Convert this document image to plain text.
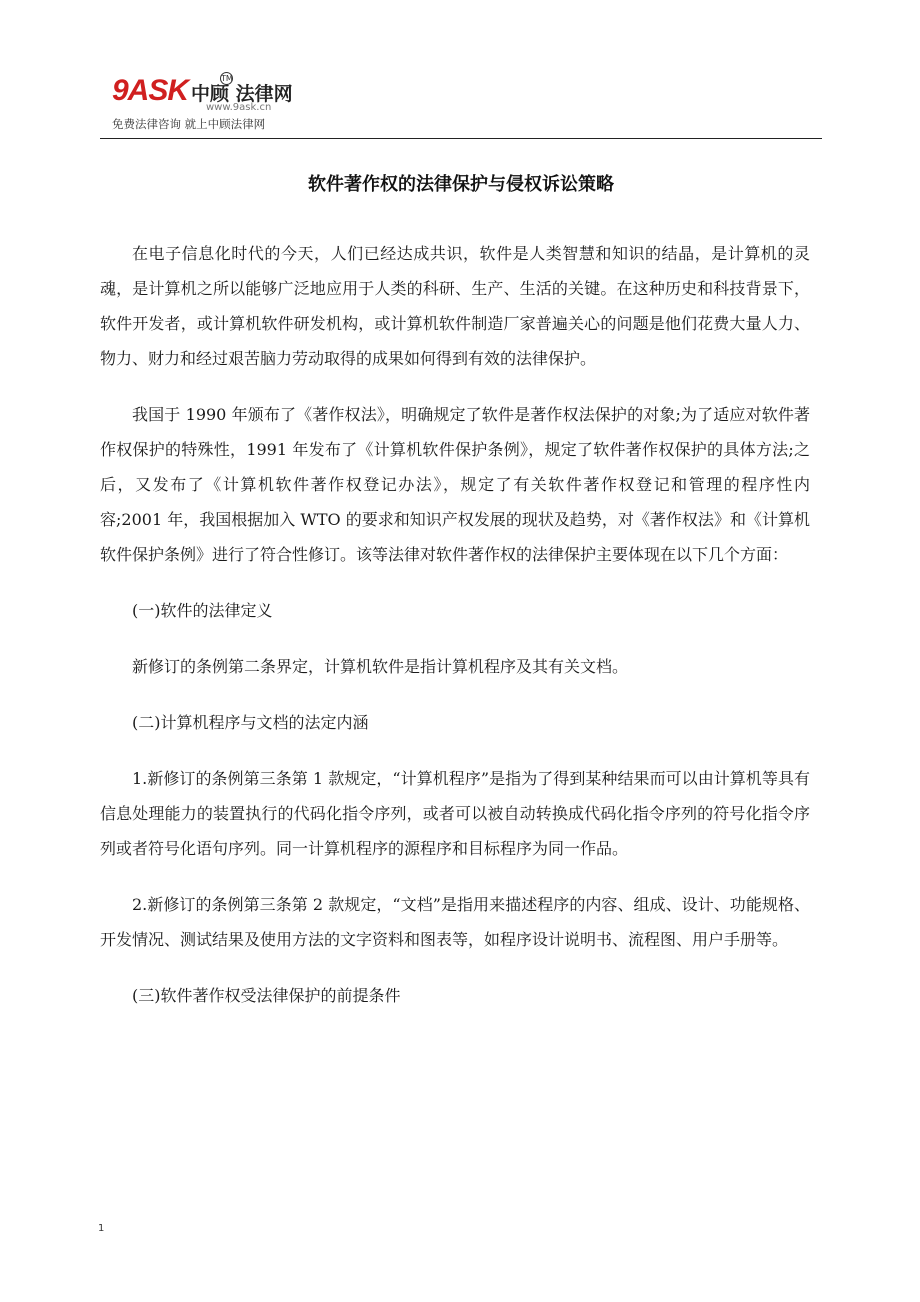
9ASK 中顾 法律网
TM
www.9ask.cn
免费法律咨询 就上中顾法律网
软件著作权的法律保护与侵权诉讼策略

在电子信息化时代的今天，人们已经达成共识，软件是人类智慧和知识的结晶，是计算机的灵魂，是计算机之所以能够广泛地应用于人类的科研、生产、生活的关键。在这种历史和科技背景下，软件开发者，或计算机软件研发机构，或计算机软件制造厂家普遍关心的问题是他们花费大量人力、物力、财力和经过艰苦脑力劳动取得的成果如何得到有效的法律保护。

我国于 1990 年颁布了《著作权法》，明确规定了软件是著作权法保护的对象;为了适应对软件著作权保护的特殊性，1991 年发布了《计算机软件保护条例》，规定了软件著作权保护的具体方法;之后，又发布了《计算机软件著作权登记办法》，规定了有关软件著作权登记和管理的程序性内容;2001 年，我国根据加入 WTO 的要求和知识产权发展的现状及趋势，对《著作权法》和《计算机软件保护条例》进行了符合性修订。该等法律对软件著作权的法律保护主要体现在以下几个方面：

(一)软件的法律定义

新修订的条例第二条界定，计算机软件是指计算机程序及其有关文档。

(二)计算机程序与文档的法定内涵

1.新修订的条例第三条第 1 款规定，“计算机程序”是指为了得到某种结果而可以由计算机等具有信息处理能力的装置执行的代码化指令序列，或者可以被自动转换成代码化指令序列的符号化指令序列或者符号化语句序列。同一计算机程序的源程序和目标程序为同一作品。

2.新修订的条例第三条第 2 款规定，“文档”是指用来描述程序的内容、组成、设计、功能规格、开发情况、测试结果及使用方法的文字资料和图表等，如程序设计说明书、流程图、用户手册等。

(三)软件著作权受法律保护的前提条件

1
